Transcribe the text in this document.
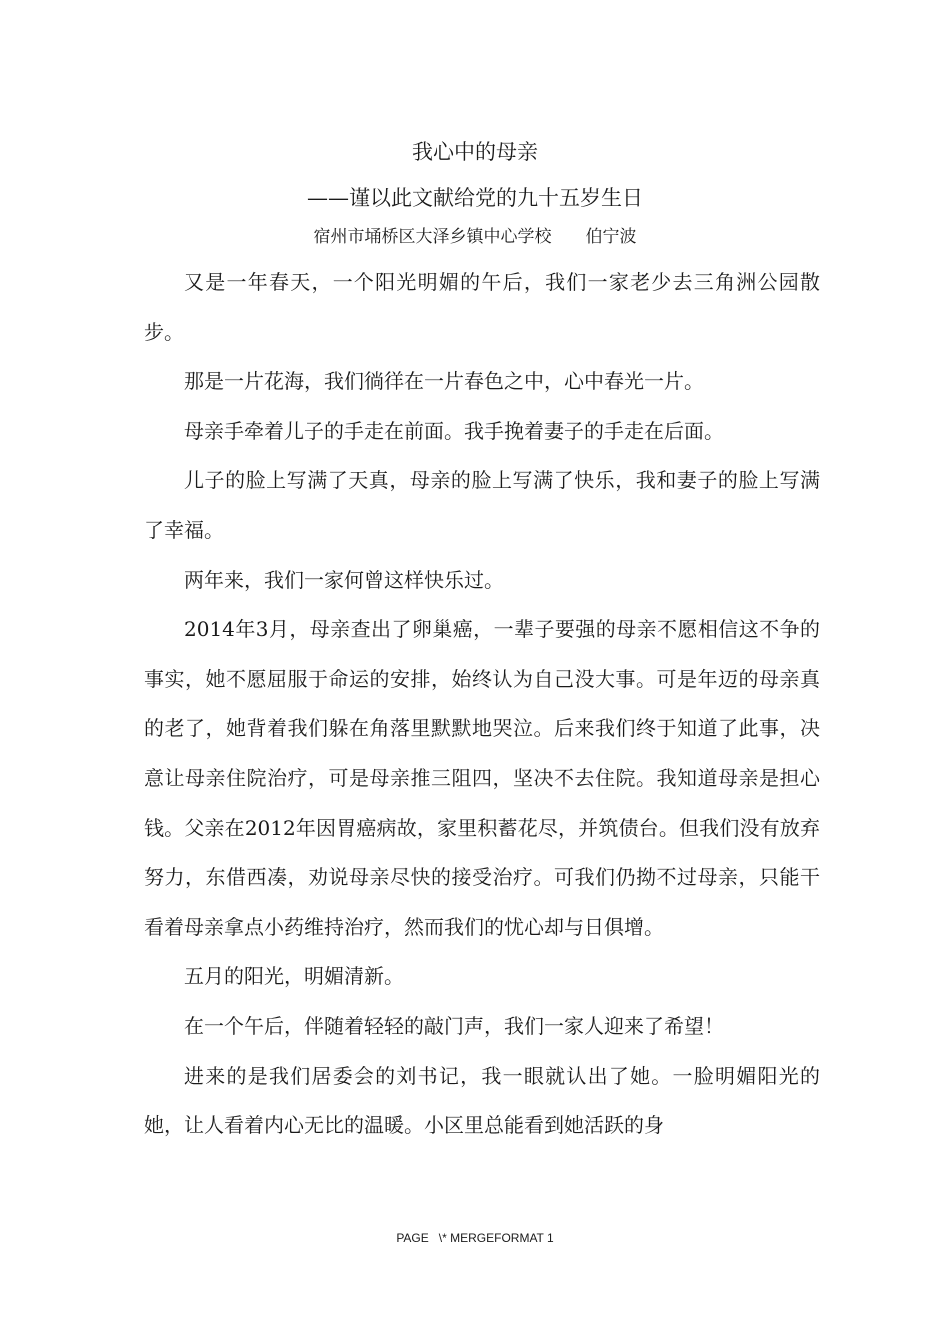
我心中的母亲
——谨以此文献给党的九十五岁生日
宿州市埇桥区大泽乡镇中心学校　　伯宁波

又是一年春天，一个阳光明媚的午后，我们一家老少去三角洲公园散步。

那是一片花海，我们徜徉在一片春色之中，心中春光一片。

母亲手牵着儿子的手走在前面。我手挽着妻子的手走在后面。

儿子的脸上写满了天真，母亲的脸上写满了快乐，我和妻子的脸上写满了幸福。

两年来，我们一家何曾这样快乐过。

2014年3月，母亲查出了卵巢癌，一辈子要强的母亲不愿相信这不争的事实，她不愿屈服于命运的安排，始终认为自己没大事。可是年迈的母亲真的老了，她背着我们躲在角落里默默地哭泣。后来我们终于知道了此事，决意让母亲住院治疗，可是母亲推三阻四，坚决不去住院。我知道母亲是担心钱。父亲在2012年因胃癌病故，家里积蓄花尽，并筑债台。但我们没有放弃努力，东借西凑，劝说母亲尽快的接受治疗。可我们仍拗不过母亲，只能干看着母亲拿点小药维持治疗，然而我们的忧心却与日俱增。

五月的阳光，明媚清新。

在一个午后，伴随着轻轻的敲门声，我们一家人迎来了希望！

进来的是我们居委会的刘书记，我一眼就认出了她。一脸明媚阳光的她，让人看着内心无比的温暖。小区里总能看到她活跃的身

PAGE   \* MERGEFORMAT 1
